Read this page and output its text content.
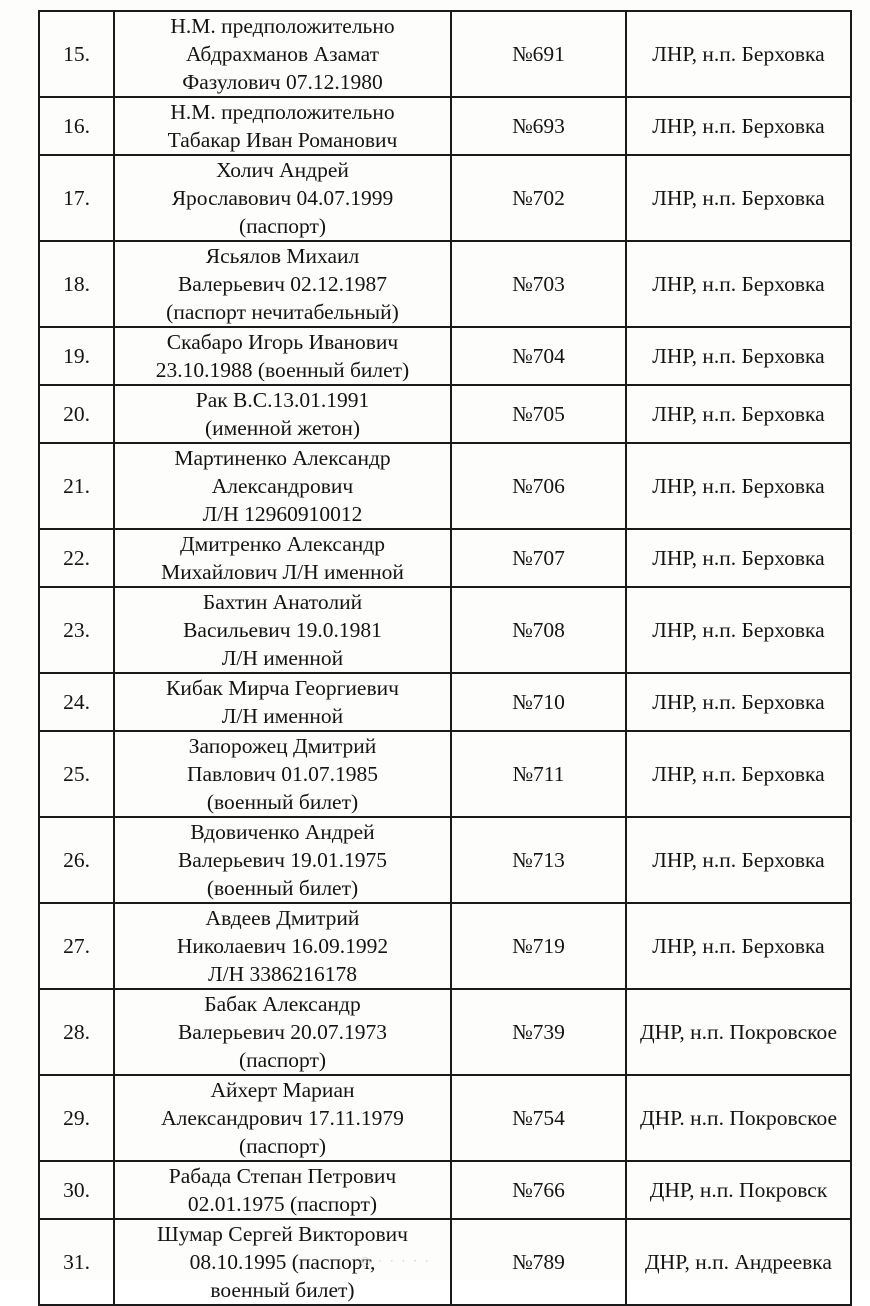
15.	Н.М. предположительно
Абдрахманов Азамат
Фазулович 07.12.1980	№691	ЛНР, н.п. Берховка
16.	Н.М. предположительно
Табакар Иван Романович	№693	ЛНР, н.п. Берховка
17.	Холич Андрей
Ярославович 04.07.1999
(паспорт)	№702	ЛНР, н.п. Берховка
18.	Ясьялов Михаил
Валерьевич 02.12.1987
(паспорт нечитабельный)	№703	ЛНР, н.п. Берховка
19.	Скабаро Игорь Иванович
23.10.1988 (военный билет)	№704	ЛНР, н.п. Берховка
20.	Рак В.С.13.01.1991
(именной жетон)	№705	ЛНР, н.п. Берховка
21.	Мартиненко Александр
Александрович
Л/Н 12960910012	№706	ЛНР, н.п. Берховка
22.	Дмитренко Александр
Михайлович Л/Н именной	№707	ЛНР, н.п. Берховка
23.	Бахтин Анатолий
Васильевич 19.0.1981
Л/Н именной	№708	ЛНР, н.п. Берховка
24.	Кибак Мирча Георгиевич
Л/Н именной	№710	ЛНР, н.п. Берховка
25.	Запорожец Дмитрий
Павлович 01.07.1985
(военный билет)	№711	ЛНР, н.п. Берховка
26.	Вдовиченко Андрей
Валерьевич 19.01.1975
(военный билет)	№713	ЛНР, н.п. Берховка
27.	Авдеев Дмитрий
Николаевич 16.09.1992
Л/Н 3386216178	№719	ЛНР, н.п. Берховка
28.	Бабак Александр
Валерьевич 20.07.1973
(паспорт)	№739	ДНР, н.п. Покровское
29.	Айхерт Мариан
Александрович 17.11.1979
(паспорт)	№754	ДНР. н.п. Покровское
30.	Рабада Степан Петрович
02.01.1975 (паспорт)	№766	ДНР, н.п. Покровск
31.	Шумар Сергей Викторович
08.10.1995 (паспорт,
военный билет)	№789	ДНР, н.п. Андреевка
◎ · · · · ·
